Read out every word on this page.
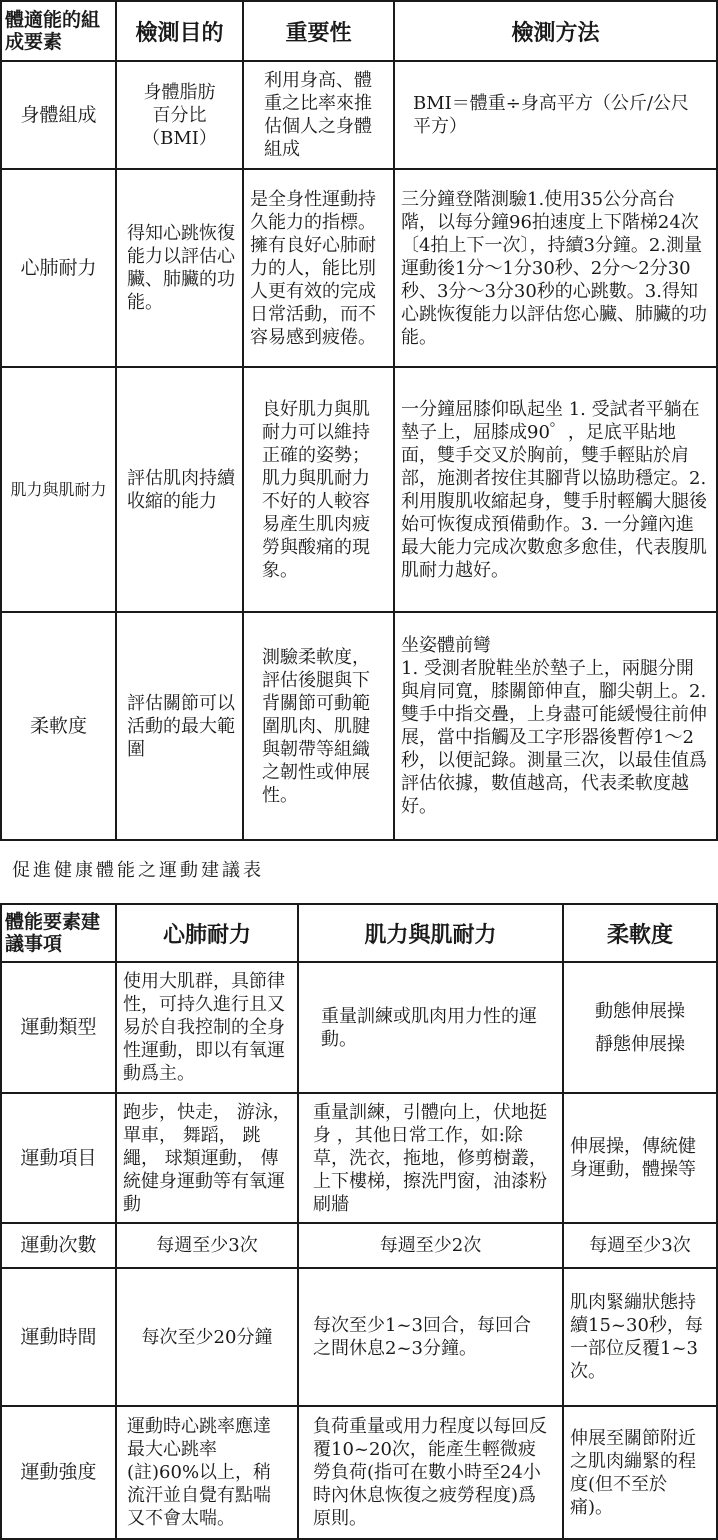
體適能的組成要素	檢測目的	重要性	檢測方法
身體組成	身體脂肪百分比（BMI）	利用身高、體重之比率來推估個人之身體組成	BMI＝體重÷身高平方（公斤/公尺平方）
心肺耐力	得知心跳恢復能力以評估心臟、肺臟的功能。	是全身性運動持久能力的指標。擁有良好心肺耐力的人，能比別人更有效的完成日常活動，而不容易感到疲倦。	三分鐘登階測驗1.使用35公分高台階，以每分鐘96拍速度上下階梯24次〔4拍上下一次〕，持續3分鐘。2.測量運動後1分～1分30秒、2分～2分30秒、3分～3分30秒的心跳數。3.得知心跳恢復能力以評估您心臟、肺臟的功能。
肌力與肌耐力	評估肌肉持續收縮的能力	良好肌力與肌耐力可以維持正確的姿勢；肌力與肌耐力不好的人較容易產生肌肉疲勞與酸痛的現象。	一分鐘屈膝仰臥起坐 1. 受試者平躺在墊子上，屈膝成90゜，足底平貼地面，雙手交叉於胸前，雙手輕貼於肩部，施測者按住其腳背以協助穩定。2. 利用腹肌收縮起身，雙手肘輕觸大腿後始可恢復成預備動作。3. 一分鐘內進最大能力完成次數愈多愈佳，代表腹肌肌耐力越好。
柔軟度	評估關節可以活動的最大範圍	測驗柔軟度，評估後腿與下背關節可動範圍肌肉、肌腱與韌帶等組織之韌性或伸展性。	坐姿體前彎
1. 受測者脫鞋坐於墊子上，兩腿分開與肩同寬，膝關節伸直，腳尖朝上。2. 雙手中指交疊，上身盡可能緩慢往前伸展，當中指觸及工字形器後暫停1～2秒，以便記錄。測量三次，以最佳值爲評估依據，數值越高，代表柔軟度越好。
促進健康體能之運動建議表
體能要素建議事項	心肺耐力	肌力與肌耐力	柔軟度
運動類型	使用大肌群，具節律性，可持久進行且又易於自我控制的全身性運動，即以有氧運動爲主。	重量訓練或肌肉用力性的運動。	動態伸展操
靜態伸展操

運動項目	跑步，快走， 游泳， 單車， 舞蹈， 跳繩， 球類運動， 傳統健身運動等有氧運動	重量訓練，引體向上，伏地挺身 ，其他日常工作，如:除草，洗衣，拖地，修剪樹叢，上下樓梯，擦洗門窗，油漆粉刷牆	伸展操，傳統健身運動，體操等
運動次數	每週至少3次	每週至少2次	每週至少3次
運動時間	每次至少20分鐘	每次至少1~3回合，每回合之間休息2~3分鐘。	肌肉緊繃狀態持續15~30秒，每一部位反覆1~3次。
運動強度	運動時心跳率應達最大心跳率(註)60%以上，稍流汗並自覺有點喘又不會太喘。	負荷重量或用力程度以每回反覆10~20次，能產生輕微疲勞負荷(指可在數小時至24小時內休息恢復之疲勞程度)爲原則。	伸展至關節附近之肌肉繃緊的程度(但不至於痛)。
